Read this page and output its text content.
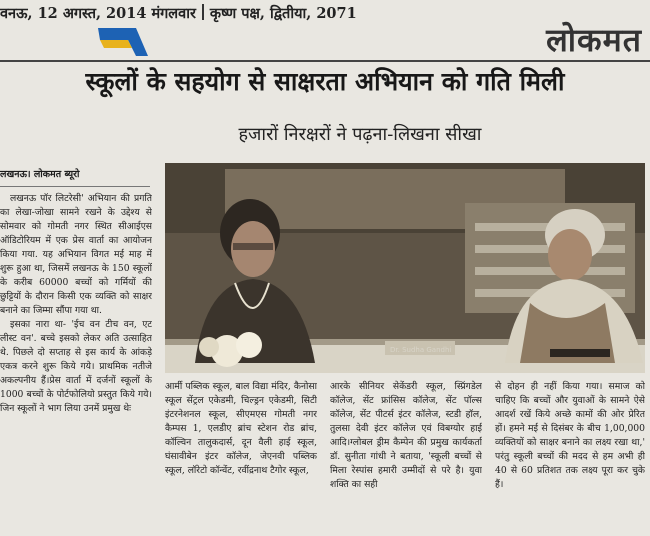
वनऊ, 12 अगस्त, 2014 मंगलवार कृष्ण पक्ष, द्वितीया, 2071
लोकमत
स्कूलों के सहयोग से साक्षरता अभियान को गति मिली
हजारों निरक्षरों ने पढ़ना-लिखना सीखा
लखनऊ। लोकमत ब्यूरो
Dr. Sudha Gandhi

लखनऊ पॉर लिटरेसी' अभियान की प्रगति का लेखा-जोखा सामने रखने के उद्देश्य से सोमवार को गोमती नगर स्थित सीआईएस ऑडिटोरियम में एक प्रेस वार्ता का आयोजन किया गया. यह अभियान विगत मई माह में शुरू हुआ था, जिसमें लखनऊ के 150 स्कूलों के करीब 60000 बच्चों को गर्मियों की छुट्टियों के दौरान किसी एक व्यक्ति को साक्षर बनाने का जिम्मा सौंपा गया था.

इसका नारा था- 'ईच वन टीच वन, एट लीस्ट वन'. बच्चे इसको लेकर अति उत्साहित थे. पिछले दो सप्ताह से इस कार्य के आंकड़े एकत्र करने शुरू किये गये। प्राथमिक नतीजे अकल्पनीय हैं।प्रेस वार्ता में दर्जनों स्कूलों के 1000 बच्चों के पोर्टफोलियो प्रस्तुत किये गये। जिन स्कूलों ने भाग लिया उनमें प्रमुख थेः

आर्मी पब्लिक स्कूल, बाल विद्या मंदिर, कैनोसा स्कूल सेंट्रल एकेडमी, चिल्ड्रन एकेडमी, सिटी इंटरनेशनल स्कूल, सीएमएस गोमती नगर कैम्पस 1, एलडीए ब्रांच स्टेशन रोड ब्रांच, कॉल्विन तालुकदार्स, दून वैली हाई स्कूल, घंसावीबेन इंटर कॉलेज, जेएनवी पब्लिक स्कूल, लॉरेटो कॉन्वेंट, रवींद्रनाथ टैगोर स्कूल,

आरके सीनियर सेकेंडरी स्कूल, स्प्रिंगडेल कॉलेज, सेंट फ्रांसिस कॉलेज, सेंट पॉल्स कॉलेज, सेंट पीटर्स इंटर कॉलेज, स्टडी हॉल, तुलसा देवी इंटर कॉलेज एवं विबग्योर हाई आदि।ग्लोबल ड्रीम कैम्पेन की प्रमुख कार्यकर्ता डॉ. सुनीता गांधी ने बताया, 'स्कूली बच्चों से मिला रेस्पांस हमारी उम्मीदों से परे है। युवा शक्ति का सही

से दोहन ही नहीं किया गया। समाज को चाहिए कि बच्चों और युवाओं के सामने ऐसे आदर्श रखें किये अच्छे कामों की ओर प्रेरित हों। हमने मई से दिसंबर के बीच 1,00,000 व्यक्तियों को साक्षर बनाने का लक्ष्य रखा था,' परंतु स्कूली बच्चों की मदद से हम अभी ही 40 से 60 प्रतिशत तक लक्ष्य पूरा कर चुके हैं।
